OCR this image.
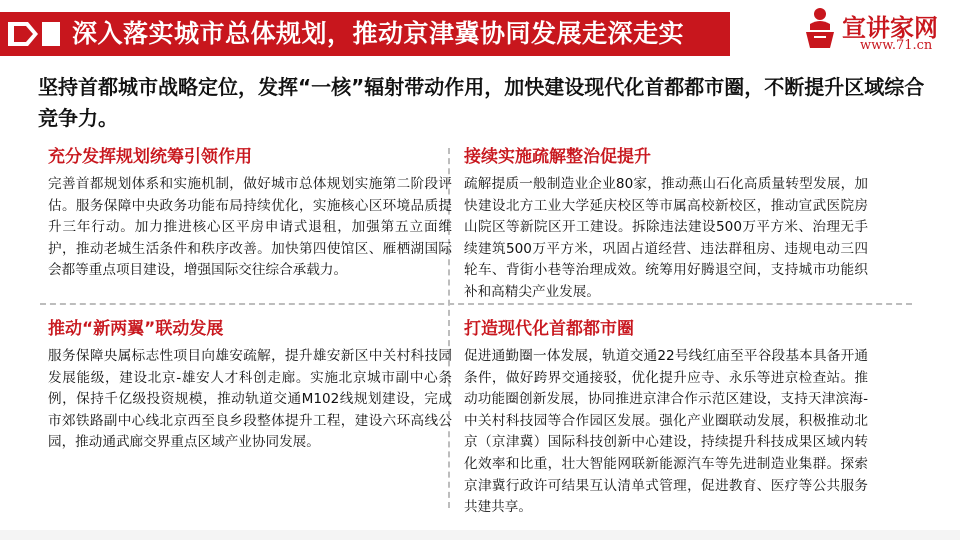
深入落实城市总体规划，推动京津冀协同发展走深走实	宣讲家网
www.71.cn
坚持首都城市战略定位，发挥“一核”辐射带动作用，加快建设现代化首都都市圈，不断提升区域综合竞争力。
充分发挥规划统筹引领作用

完善首都规划体系和实施机制，做好城市总体规划实施第二阶段评估。服务保障中央政务功能布局持续优化，实施核心区环境品质提升三年行动。加力推进核心区平房申请式退租，加强第五立面维护，推动老城生活条件和秩序改善。加快第四使馆区、雁栖湖国际会都等重点项目建设，增强国际交往综合承载力。

接续实施疏解整治促提升

疏解提质一般制造业企业80家，推动燕山石化高质量转型发展，加快建设北方工业大学延庆校区等市属高校新校区，推动宣武医院房山院区等新院区开工建设。拆除违法建设500万平方米、治理无手续建筑500万平方米，巩固占道经营、违法群租房、违规电动三四轮车、背街小巷等治理成效。统筹用好腾退空间，支持城市功能织补和高精尖产业发展。

推动“新两翼”联动发展

服务保障央属标志性项目向雄安疏解，提升雄安新区中关村科技园发展能级，建设北京-雄安人才科创走廊。实施北京城市副中心条例，保持千亿级投资规模，推动轨道交通M102线规划建设，完成市郊铁路副中心线北京西至良乡段整体提升工程，建设六环高线公园，推动通武廊交界重点区域产业协同发展。

打造现代化首都都市圈

促进通勤圈一体发展，轨道交通22号线红庙至平谷段基本具备开通条件，做好跨界交通接驳，优化提升应寺、永乐等进京检查站。推动功能圈创新发展，协同推进京津合作示范区建设，支持天津滨海-中关村科技园等合作园区发展。强化产业圈联动发展，积极推动北京（京津冀）国际科技创新中心建设，持续提升科技成果区域内转化效率和比重，壮大智能网联新能源汽车等先进制造业集群。探索京津冀行政许可结果互认清单式管理，促进教育、医疗等公共服务共建共享。
